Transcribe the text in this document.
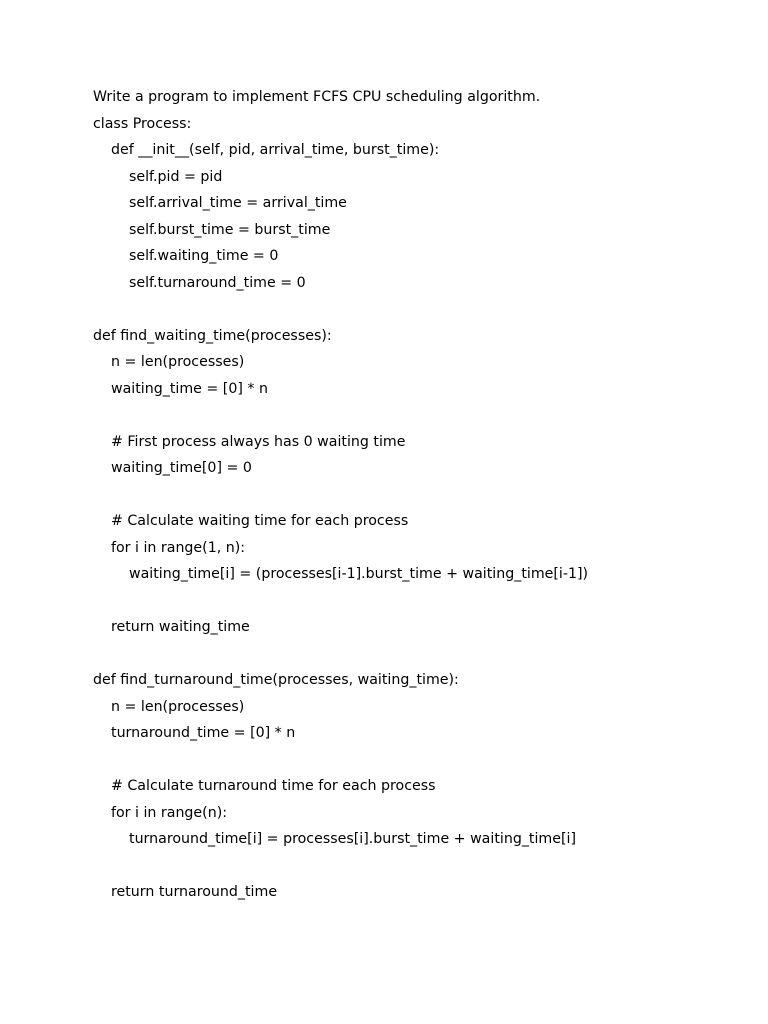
Write a program to implement FCFS CPU scheduling algorithm.
class Process:
def __init__(self, pid, arrival_time, burst_time):
self.pid = pid
self.arrival_time = arrival_time
self.burst_time = burst_time
self.waiting_time = 0
self.turnaround_time = 0
def find_waiting_time(processes):
n = len(processes)
waiting_time = [0] * n
# First process always has 0 waiting time
waiting_time[0] = 0
# Calculate waiting time for each process
for i in range(1, n):
waiting_time[i] = (processes[i-1].burst_time + waiting_time[i-1])
return waiting_time
def find_turnaround_time(processes, waiting_time):
n = len(processes)
turnaround_time = [0] * n
# Calculate turnaround time for each process
for i in range(n):
turnaround_time[i] = processes[i].burst_time + waiting_time[i]
return turnaround_time
